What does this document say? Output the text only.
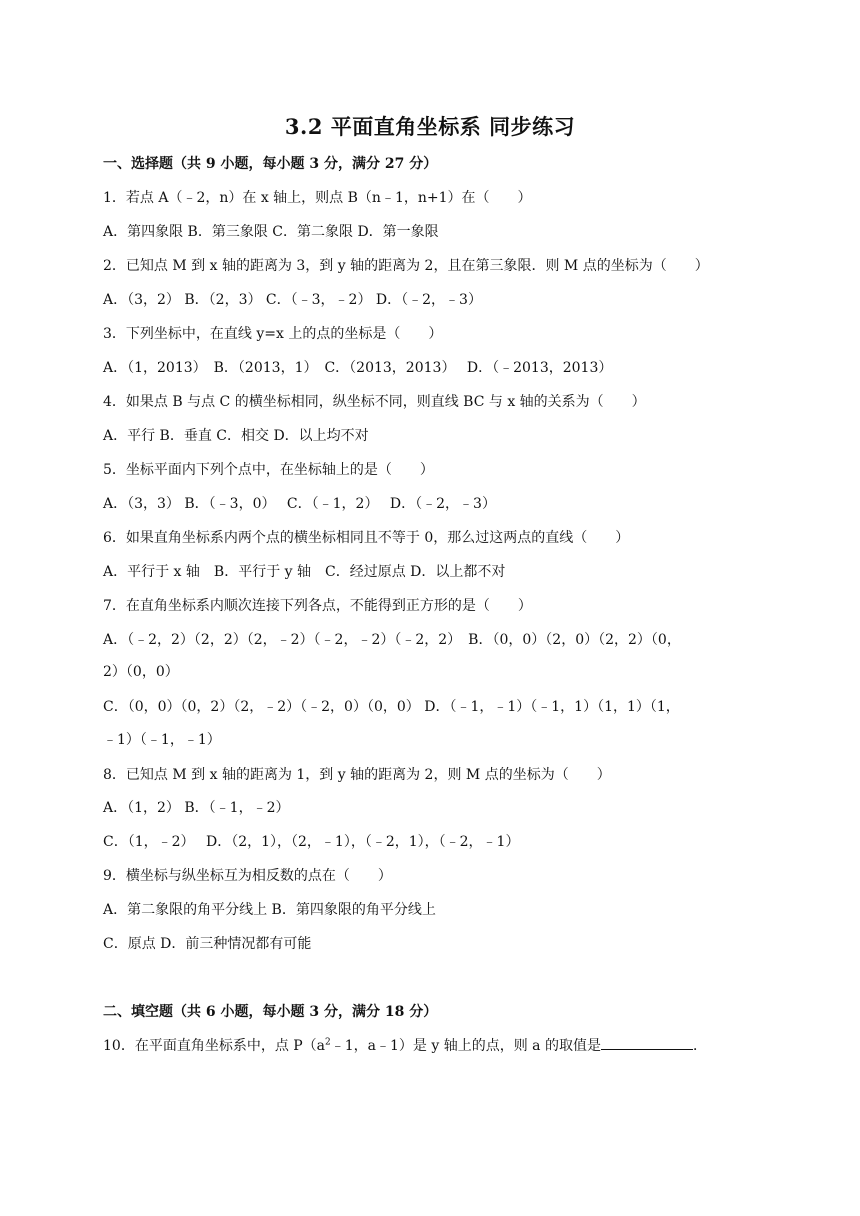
3.2 平面直角坐标系 同步练习
一、选择题（共 9 小题，每小题 3 分，满分 27 分）
1．若点 A（﹣2，n）在 x 轴上，则点 B（n﹣1，n+1）在（　　）
A．第四象限 B．第三象限 C．第二象限 D．第一象限
2．已知点 M 到 x 轴的距离为 3，到 y 轴的距离为 2，且在第三象限．则 M 点的坐标为（　　）
A．（3，2） B．（2，3） C．（﹣3，﹣2） D．（﹣2，﹣3）
3．下列坐标中，在直线 y=x 上的点的坐标是（　　）
A．（1，2013）　B．（2013，1）　C．（2013，2013）　 D．（﹣2013，2013）
4．如果点 B 与点 C 的横坐标相同，纵坐标不同，则直线 BC 与 x 轴的关系为（　　）
A．平行 B．垂直 C．相交 D．以上均不对
5．坐标平面内下列个点中，在坐标轴上的是（　　）
A．（3，3） B．（﹣3，0）　 C．（﹣1，2）　 D．（﹣2，﹣3）
6．如果直角坐标系内两个点的横坐标相同且不等于 0，那么过这两点的直线（　　）
A．平行于 x 轴　B．平行于 y 轴　C．经过原点 D．以上都不对
7．在直角坐标系内顺次连接下列各点，不能得到正方形的是（　　）
A．（﹣2，2）（2，2）（2，﹣2）（﹣2，﹣2）（﹣2，2）　B．（0，0）（2，0）（2，2）（0，
2）（0，0）
C．（0，0）（0，2）（2，﹣2）（﹣2，0）（0，0） D．（﹣1，﹣1）（﹣1，1）（1，1）（1，
﹣1）（﹣1，﹣1）
8．已知点 M 到 x 轴的距离为 1，到 y 轴的距离为 2，则 M 点的坐标为（　　）
A．（1，2） B．（﹣1，﹣2）
C．（1，﹣2）　 D．（2，1），（2，﹣1），（﹣2，1），（﹣2，﹣1）
9．横坐标与纵坐标互为相反数的点在（　　）
A．第二象限的角平分线上 B．第四象限的角平分线上
C．原点 D．前三种情况都有可能
二、填空题（共 6 小题，每小题 3 分，满分 18 分）
10．在平面直角坐标系中，点 $P(a^2﹣1$，a﹣1）是 y 轴上的点，则 a 的取值是	．
